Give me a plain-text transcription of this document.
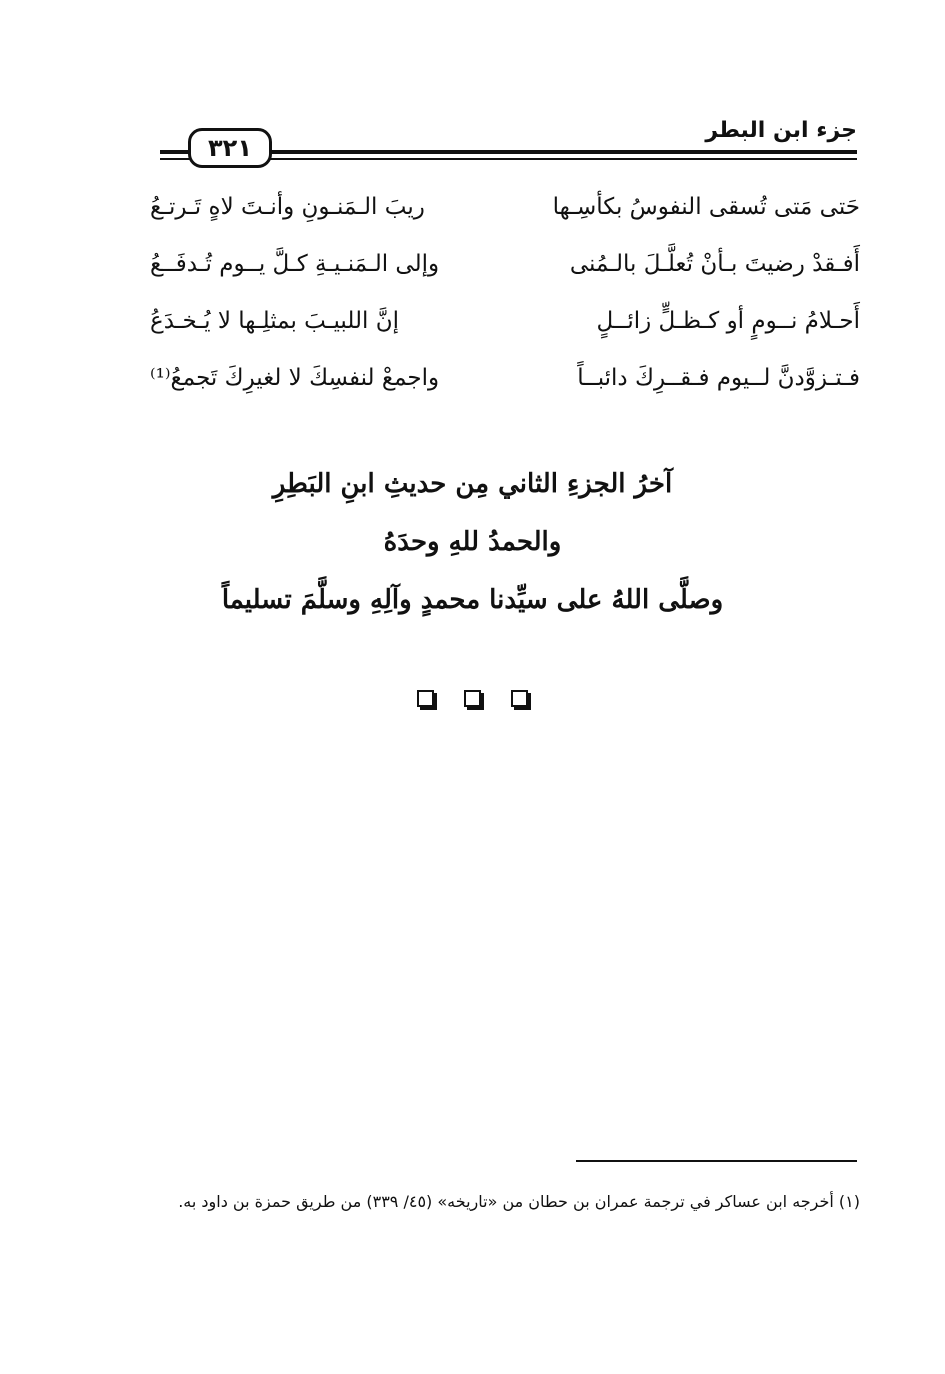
جزء ابن البطر
٣٢١
حَتى مَتى تُسقى النفوسُ بكأسِـها
ريبَ الـمَنـونِ وأنـتَ لاهٍ تَـرتـعُ
أَفـقدْ رضيتَ بـأنْ تُعلَّـلَ بالـمُنى
وإلى الـمَنـيـةِ كـلَّ يــوم تُـدفَــعُ
أَحـلامُ نــومٍ أو كـظـلٍّ زائــلٍ
إنَّ اللبيـبَ بمثلِـها لا يُـخـدَعُ
فـتـزوَّدنَّ لــيوم فـقــرِكَ دائبــاً
واجمعْ لنفسِكَ لا لغيرِكَ تَجمعُ⁽¹⁾
آخرُ الجزءِ الثاني مِن حديثِ ابنِ البَطِرِ
والحمدُ للهِ وحدَهُ
وصلَّى اللهُ على سيِّدنا محمدٍ وآلِهِ وسلَّمَ تسليماً
(١) أخرجه ابن عساكر في ترجمة عمران بن حطان من «تاريخه» (٤٥/ ٣٣٩) من طريق حمزة بن داود به.
